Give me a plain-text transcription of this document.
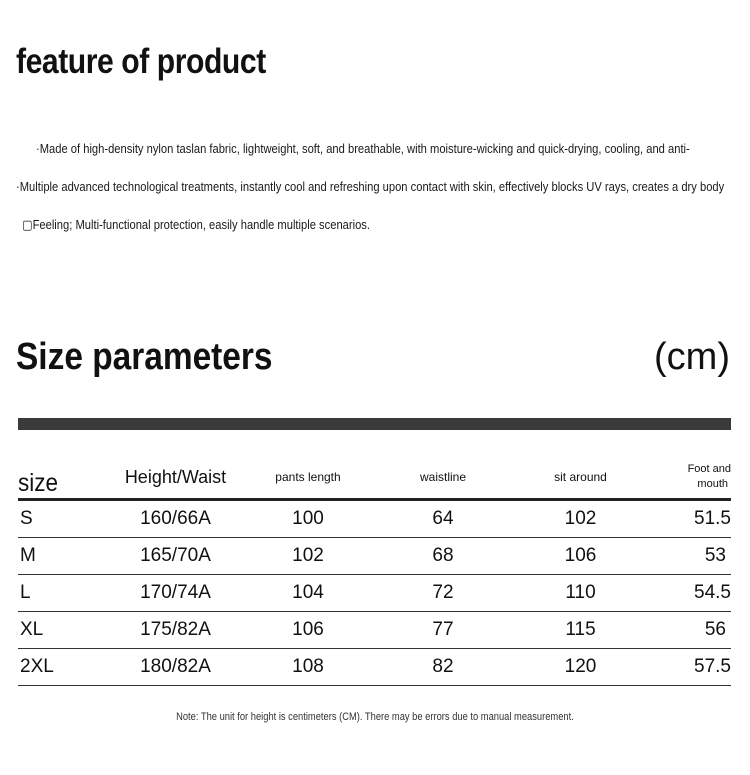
feature of product
·Made of high-density nylon taslan fabric, lightweight, soft, and breathable, with moisture-wicking and quick-drying, cooling, and anti-
·Multiple advanced technological treatments, instantly cool and refreshing upon contact with skin, effectively blocks UV rays, creates a dry body
▢Feeling; Multi-functional protection, easily handle multiple scenarios.
Size parameters	(cm)
size	Height/Waist	pants length	waistline	sit around	Foot and
mouth

S	160/66A	100	64	102	51.5
M	165/70A	102	68	106	53
L	170/74A	104	72	110	54.5
XL	175/82A	106	77	115	56
2XL	180/82A	108	82	120	57.5
Note: The unit for height is centimeters (CM). There may be errors due to manual measurement.
